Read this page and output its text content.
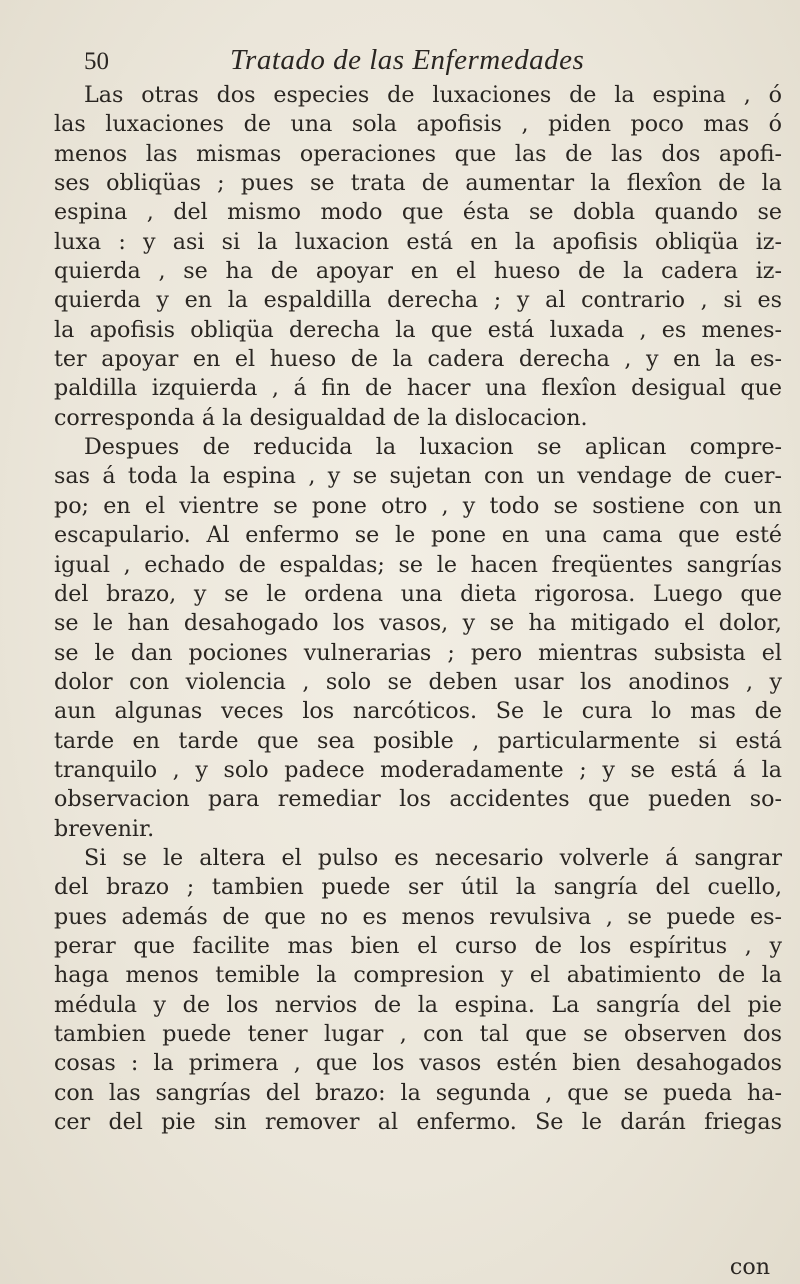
50	Tratado de las Enfermedades
Las otras dos especies de luxaciones de la espina , ó
las luxaciones de una sola apofisis , piden poco mas ó
menos las mismas operaciones que las de las dos apofi-
ses obliqüas ; pues se trata de aumentar la flexîon de la
espina , del mismo modo que ésta se dobla quando se
luxa : y asi si la luxacion está en la apofisis obliqüa iz-
quierda , se ha de apoyar en el hueso de la cadera iz-
quierda y en la espaldilla derecha ; y al contrario , si es
la apofisis obliqüa derecha la que está luxada , es menes-
ter apoyar en el hueso de la cadera derecha , y en la es-
paldilla izquierda , á fin de hacer una flexîon desigual que
corresponda á la desigualdad de la dislocacion.
Despues de reducida la luxacion se aplican compre-
sas á toda la espina , y se sujetan con un vendage de cuer-
po; en el vientre se pone otro , y todo se sostiene con un
escapulario. Al enfermo se le pone en una cama que esté
igual , echado de espaldas; se le hacen freqüentes sangrías
del brazo, y se le ordena una dieta rigorosa. Luego que
se le han desahogado los vasos, y se ha mitigado el dolor,
se le dan pociones vulnerarias ; pero mientras subsista el
dolor con violencia , solo se deben usar los anodinos , y
aun algunas veces los narcóticos. Se le cura lo mas de
tarde en tarde que sea posible , particularmente si está
tranquilo , y solo padece moderadamente ; y se está á la
observacion para remediar los accidentes que pueden so-
brevenir.
Si se le altera el pulso es necesario volverle á sangrar
del brazo ; tambien puede ser útil la sangría del cuello,
pues además de que no es menos revulsiva , se puede es-
perar que facilite mas bien el curso de los espíritus , y
haga menos temible la compresion y el abatimiento de la
médula y de los nervios de la espina. La sangría del pie
tambien puede tener lugar , con tal que se observen dos
cosas : la primera , que los vasos estén bien desahogados
con las sangrías del brazo: la segunda , que se pueda ha-
cer del pie sin remover al enfermo. Se le darán friegas
con
